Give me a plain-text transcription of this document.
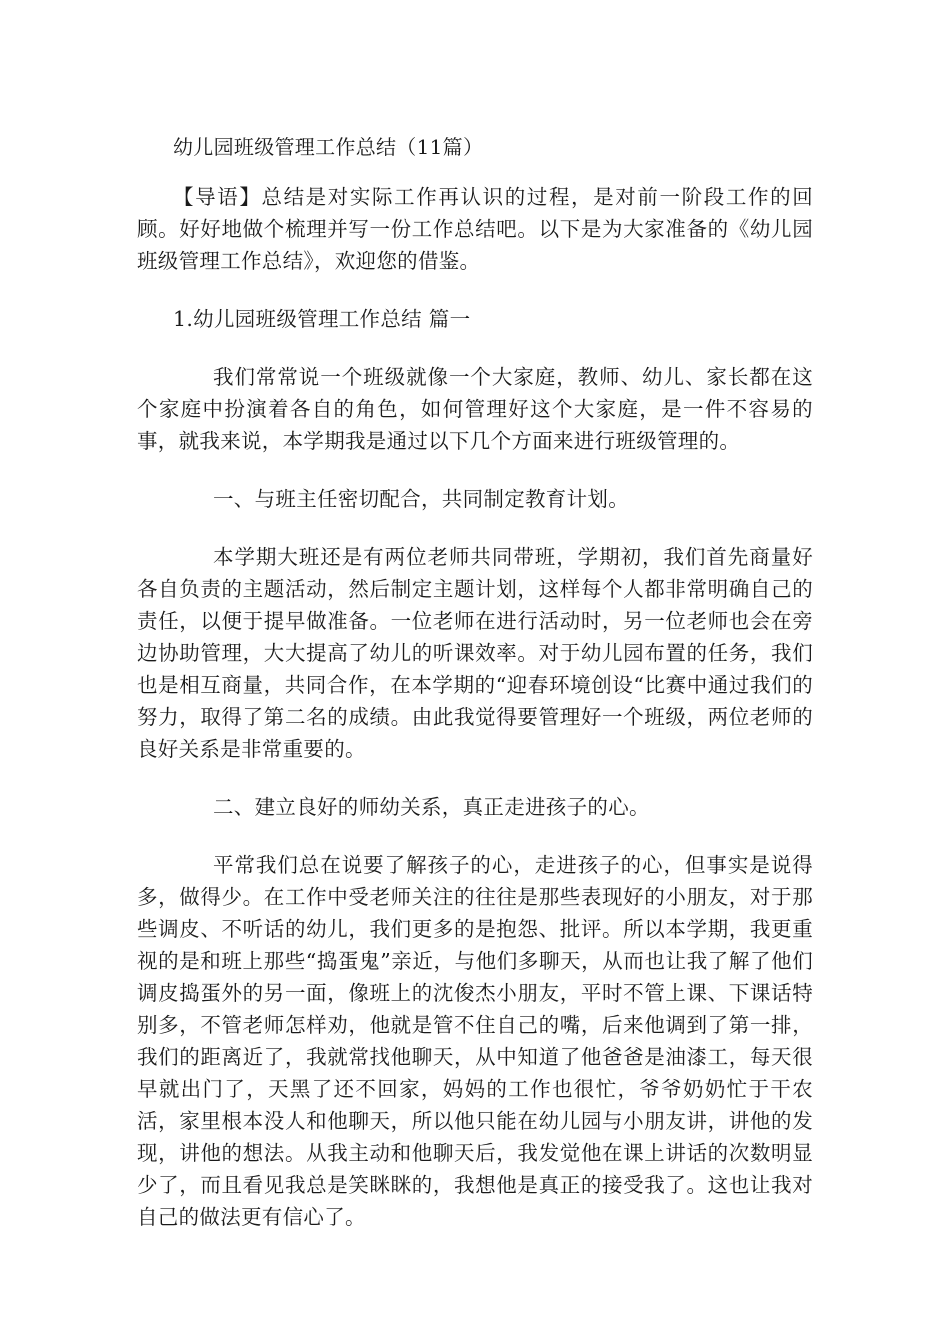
幼儿园班级管理工作总结（11篇）
【导语】总结是对实际工作再认识的过程，是对前一阶段工作的回顾。好好地做个梳理并写一份工作总结吧。以下是为大家准备的《幼儿园班级管理工作总结》，欢迎您的借鉴。
1.幼儿园班级管理工作总结 篇一
我们常常说一个班级就像一个大家庭，教师、幼儿、家长都在这个家庭中扮演着各自的角色，如何管理好这个大家庭，是一件不容易的事，就我来说，本学期我是通过以下几个方面来进行班级管理的。
一、与班主任密切配合，共同制定教育计划。
本学期大班还是有两位老师共同带班，学期初，我们首先商量好各自负责的主题活动，然后制定主题计划，这样每个人都非常明确自己的责任，以便于提早做准备。一位老师在进行活动时，另一位老师也会在旁边协助管理，大大提高了幼儿的听课效率。对于幼儿园布置的任务，我们也是相互商量，共同合作，在本学期的“迎春环境创设“比赛中通过我们的努力，取得了第二名的成绩。由此我觉得要管理好一个班级，两位老师的良好关系是非常重要的。
二、建立良好的师幼关系，真正走进孩子的心。
平常我们总在说要了解孩子的心，走进孩子的心，但事实是说得多，做得少。在工作中受老师关注的往往是那些表现好的小朋友，对于那些调皮、不听话的幼儿，我们更多的是抱怨、批评。所以本学期，我更重视的是和班上那些“捣蛋鬼”亲近，与他们多聊天，从而也让我了解了他们调皮捣蛋外的另一面，像班上的沈俊杰小朋友，平时不管上课、下课话特别多，不管老师怎样劝，他就是管不住自己的嘴，后来他调到了第一排，我们的距离近了，我就常找他聊天，从中知道了他爸爸是油漆工，每天很早就出门了，天黑了还不回家，妈妈的工作也很忙，爷爷奶奶忙于干农活，家里根本没人和他聊天，所以他只能在幼儿园与小朋友讲，讲他的发现，讲他的想法。从我主动和他聊天后，我发觉他在课上讲话的次数明显少了，而且看见我总是笑眯眯的，我想他是真正的接受我了。这也让我对自己的做法更有信心了。
